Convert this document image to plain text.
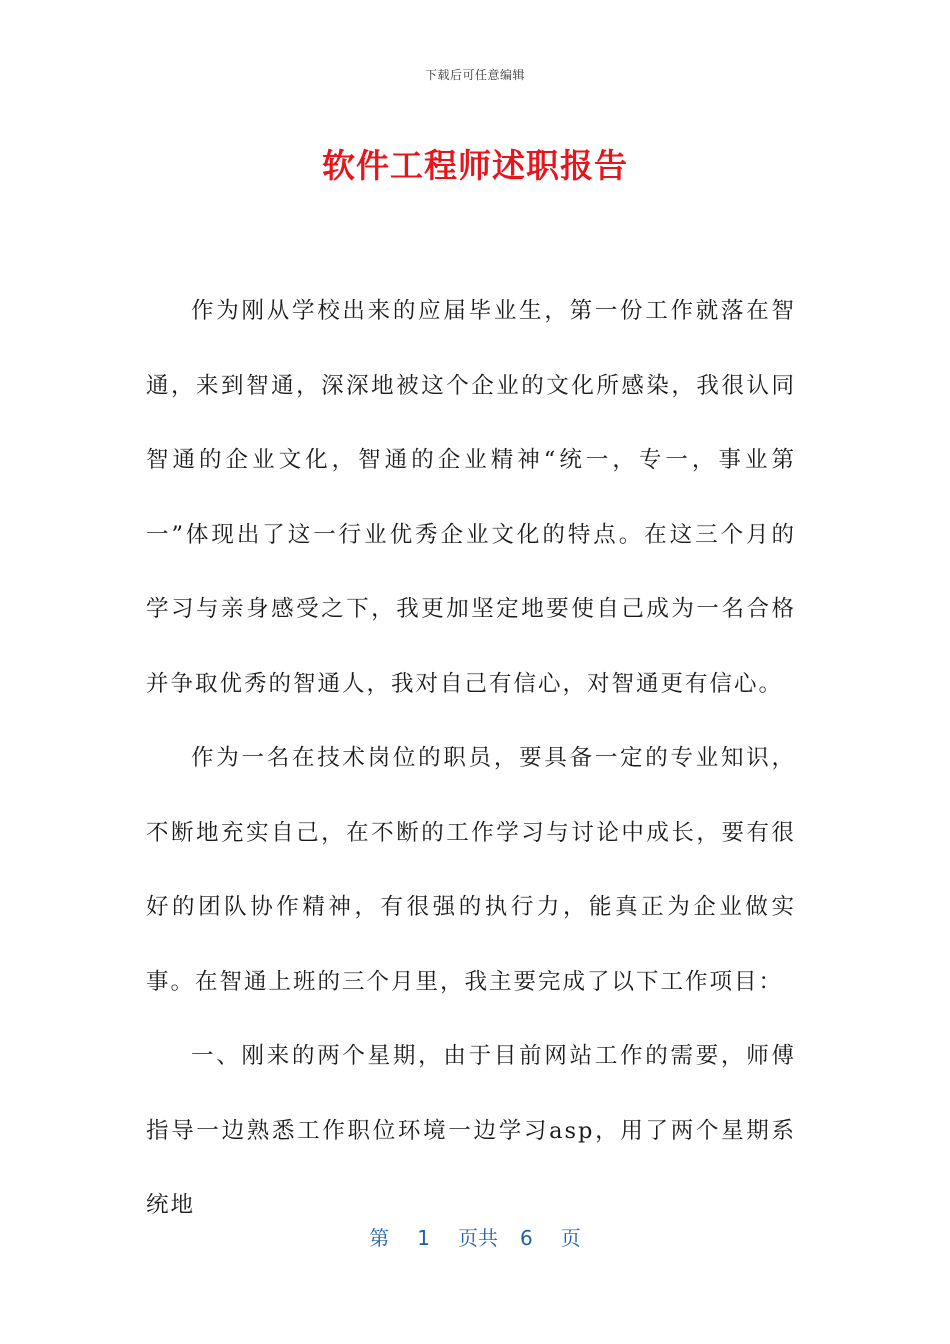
下载后可任意编辑
软件工程师述职报告

作为刚从学校出来的应届毕业生，第一份工作就落在智通，来到智通，深深地被这个企业的文化所感染，我很认同智通的企业文化，智通的企业精神“统一，专一，事业第一”体现出了这一行业优秀企业文化的特点。在这三个月的学习与亲身感受之下，我更加坚定地要使自己成为一名合格并争取优秀的智通人，我对自己有信心，对智通更有信心。

作为一名在技术岗位的职员，要具备一定的专业知识，不断地充实自己，在不断的工作学习与讨论中成长，要有很好的团队协作精神，有很强的执行力，能真正为企业做实事。在智通上班的三个月里，我主要完成了以下工作项目：

一、刚来的两个星期，由于目前网站工作的需要，师傅指导一边熟悉工作职位环境一边学习asp，用了两个星期系统地

第 1 页共 6 页
